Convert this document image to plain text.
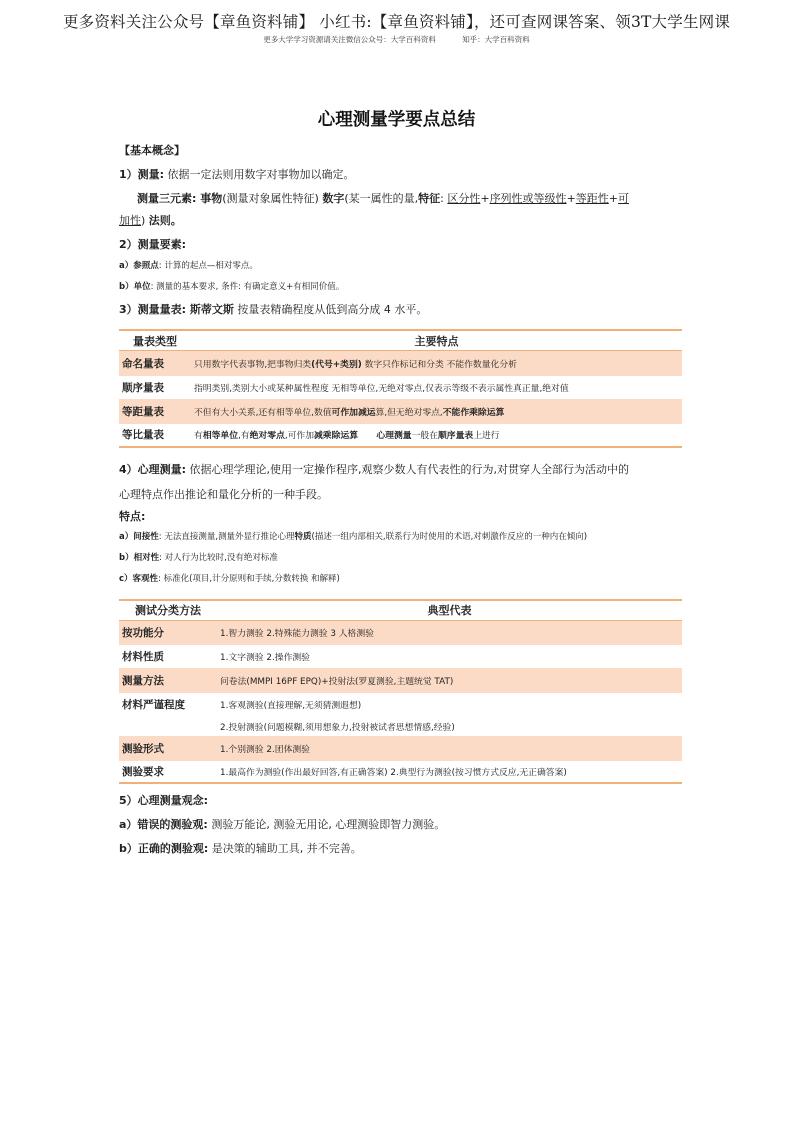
更多资料关注公众号【章鱼资料铺】 小红书:【章鱼资料铺】，还可查网课答案、领3T大学生网课
更多大学学习资源请关注微信公众号：大学百科资料	知乎：大学百科资料
心理测量学要点总结

【基本概念】

1）测量: 依据一定法则用数字对事物加以确定。

测量三元素: 事物(测量对象属性特征) 数字(某一属性的量,特征: 区分性+序列性或等级性+等距性+可

加性) 法则。

2）测量要素:

a）参照点: 计算的起点—相对零点。

b）单位: 测量的基本要求, 条件: 有确定意义+有相同价值。

3）测量量表: 斯蒂文斯 按量表精确程度从低到高分成 4 水平。

量表类型	主要特点
命名量表	只用数字代表事物,把事物归类(代号+类别) 数字只作标记和分类 不能作数量化分析
顺序量表	指明类别,类别大小或某种属性程度 无相等单位,无绝对零点,仅表示等级不表示属性真正量,绝对值
等距量表	不但有大小关系,还有相等单位,数值可作加减运算,但无绝对零点,不能作乘除运算
等比量表	有相等单位,有绝对零点,可作加减乘除运算      心理测量一般在顺序量表上进行

4）心理测量: 依据心理学理论,使用一定操作程序,观察少数人有代表性的行为,对贯穿人全部行为活动中的

心理特点作出推论和量化分析的一种手段。

特点:

a）间接性: 无法直接测量,测量外显行推论心理特质(描述一组内部相关,联系行为时使用的术语,对刺激作反应的一种内在倾向)

b）相对性: 对人行为比较时,没有绝对标准

c）客观性: 标准化(项目,计分原则和手续,分数转换 和解释)

测试分类方法	典型代表
按功能分	1.智力测验 2.特殊能力测验 3 人格测验
材料性质	1.文字测验 2.操作测验
测量方法	问卷法(MMPI 16PF EPQ)+投射法(罗夏测验,主题统觉 TAT)
材料严谨程度	1.客观测验(直接理解,无须猜测遐想)
	2.投射测验(问题模糊,须用想象力,投射被试者思想情感,经验)
测验形式	1.个别测验 2.团体测验
测验要求	1.最高作为测验(作出最好回答,有正确答案) 2.典型行为测验(按习惯方式反应,无正确答案)

5）心理测量观念:

a）错误的测验观: 测验万能论, 测验无用论, 心理测验即智力测验。

b）正确的测验观: 是决策的辅助工具, 并不完善。
